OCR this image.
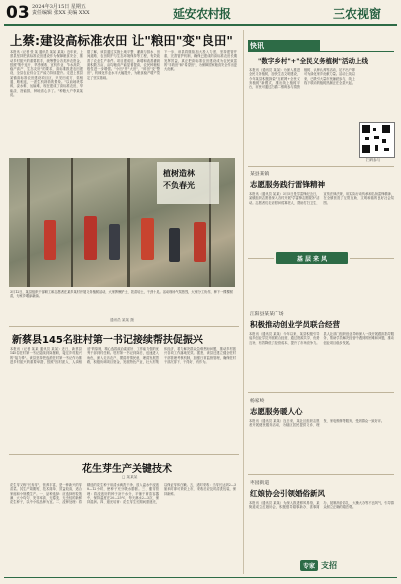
03 2024年3月15日 星期五
责任编辑 张XX 美编 XXX	延安农村报	三农视窗
上蔡:建设高标准农田 让"粮田"变"良田"
本报讯（记者 张 某 通讯员 某某 某某）近年来，上蔡县坚持把高标准农田建设作为保障粮食安全、推动乡村振兴的重要抓手，统筹整合各类涉农资金，按照"集中连片、旱涝保收、宜机作业、节水高效、稳产高产、生态友好"的要求，高标准推进农田建设，全县农业综合生产能力持续提升。走进上蔡县某镇高标准农田建设项目区，只见田成方、渠相通、路相连，一派生机勃勃的景象。"以前地块零碎，浇水难、运输难，现在建成了高标准农田，旱能浇、涝能排，种地省心多了。"种粮大户李某某说。
据了解，该县通过实施土地平整、灌溉与排水、田间道路、农田防护与生态环境保持等工程，有效改善了农业生产条件。项目建成后，新增和改善灌溉面积数万亩，亩均粮食产能显著提高，农民种粮积极性进一步增强。"小田"并"大田"，"碎田"变"整田"，机械化作业水平大幅提升，为粮食稳产增产奠定了坚实基础。
下一步，该县将继续加大投入力度，坚持建管并重，完善管护机制，确保已建成的高标准农田长期发挥效益，真正把高标准农田建设成为农民致富的"丰收田"和"希望田"，为保障国家粮食安全作出更大贡献。
植树造林
不负春光
3月12日，某县组织干部职工和志愿者在某乡某村开展义务植树活动，大家挥锹铲土、扶苗培土，干劲十足。活动现场气氛热烈，大家分工协作，种下一棵棵树苗，为家乡增添新绿。
通讯员 某某 摄
新蔡县145名驻村第一书记接续帮扶促振兴
本报讯（记者 某某 通讯员 某某）近日，新蔡县145名驻村第一书记陆续到岗履职，接过乡村振兴的"接力棒"。该县坚持把选派驻村第一书记作为推进乡村振兴的重要举措，按照"因村派人、人岗相适"的原则，精心选拔政治素质好、工作能力强的优秀干部到村任职。驻村第一书记到岗后，迅速进入角色，深入走访农户，摸清村情民意，理清发展思路，积极协调项目资金，发展特色产业，壮大村集体经济，着力解决群众急难愁盼问题，推动乡村振兴各项工作落地见效。据悉，该县还建立健全驻村干部管理考核机制，加强日常监督管理，确保驻村干部沉得下、干得好、有作为。
花生芽生产关键技术
□ 某某某
花生芽又称"长寿芽"，营养丰富，是一种新兴的芽苗菜。其生产周期短、技术简单、效益较高，适合家庭和小规模生产。一、品种选择：应选择籽粒饱满、大小均匀、发芽率高、无霉变、无虫蛀的新鲜花生种子，以中小粒品种为宜。二、浸种处理：将精选的花生种子用清水淘洗干净，放入温水中浸泡8—12小时，使种子充分吸水膨胀。三、催芽管理：将浸泡好的种子沥干水分，平铺于育苗容器中，保持温度在20—25℃，每天淋水2—3次，保持湿润。四、遮光培育：花生芽生长期间需遮光，以保证芽体白嫩。五、适时采收：当芽长达到2—3厘米时即可采收上市，采收后应及时清洗包装，保持新鲜。
快讯
"数字乡村"+"全民义务植树"活动上线
本报讯（通讯员 某某）为深入推进全民义务植树，加快生态文明建设，今年某县积极探索"互联网+全民义务植树"新模式，推出线上植树平台，市民可通过扫描二维码参与捐资植树、认种认养等活动，足不出户即可为绿化家乡贡献力量。活动上线以来，已吸引大量市民踊跃参与，线上线下联动的植树热潮正在全县兴起。
扫码参与
某县某镇
志愿服务践行雷锋精神
本报讯（通讯员 某某）3月5日是学雷锋纪念日，某镇组织志愿者深入各村开展"学雷锋志愿服务"活动。志愿者们走访慰问孤寡老人、帮助打扫卫生、宣传法律法规，用实际行动传承和弘扬雷锋精神，在全镇营造了互帮互助、文明和谐的良好社会氛围。
基 层 来 风
江阳县某某广场
积极推动创业学员联合经营
本报讯（通讯员 某某）今年以来，某县积极引导返乡创业学员开展联合经营，通过资源共享、优势互补，有效降低了经营成本，提升了市场竞争力。县人社部门组织创业导师深入一线开展跟踪指导服务，帮助学员解决经营中遇到的困难和问题，推动创业项目稳步发展。
杨家岭
志愿服务暖人心
本报讯（通讯员 某某）连日来，某社区组织志愿者开展便民服务活动，为辖区居民提供义诊、理发、家电维修等服务，受到群众一致好评。
枣园街道
红娘协会引领婚俗新风
本报讯（通讯员 某某）为深入推进移风易俗，某街道成立红娘协会，积极倡导婚事新办、喜事简办，抵制高价彩礼、大操大办等不良风气，引导群众树立正确的婚恋观。
专家 支招
